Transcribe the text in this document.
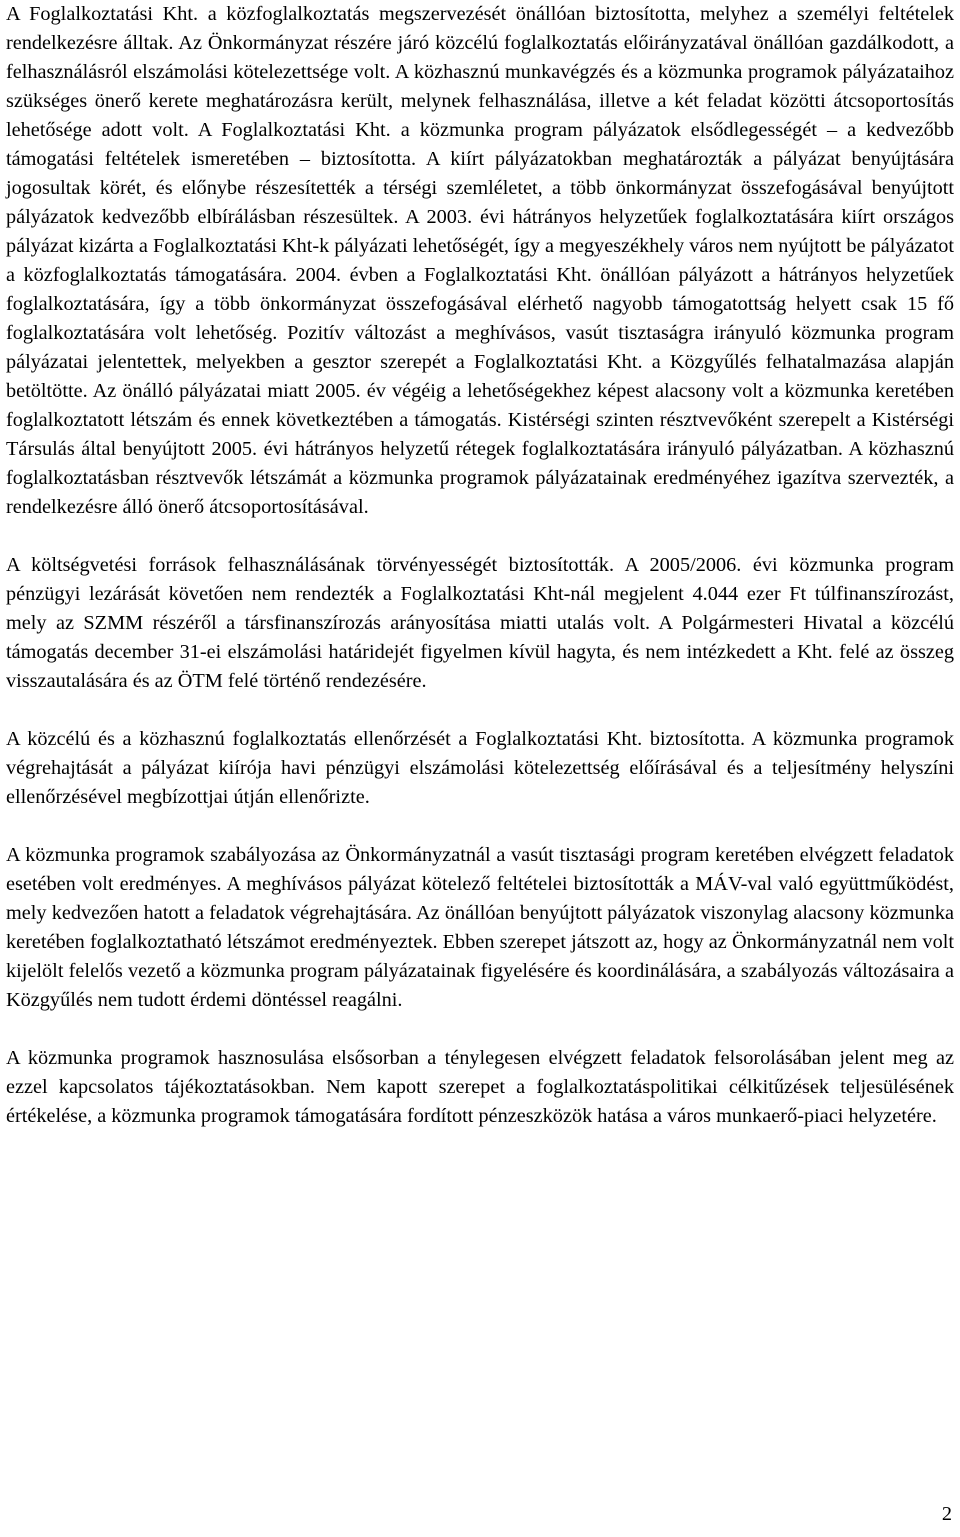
A Foglalkoztatási Kht. a közfoglalkoztatás megszervezését önállóan biztosította, melyhez a személyi feltételek rendelkezésre álltak. Az Önkormányzat részére járó közcélú foglalkoztatás előirányzatával önállóan gazdálkodott, a felhasználásról elszámolási kötelezettsége volt. A közhasznú munkavégzés és a közmunka programok pályázataihoz szükséges önerő kerete meghatározásra került, melynek felhasználása, illetve a két feladat közötti átcsoportosítás lehetősége adott volt. A Foglalkoztatási Kht. a közmunka program pályázatok elsődlegességét – a kedvezőbb támogatási feltételek ismeretében – biztosította. A kiírt pályázatokban meghatározták a pályázat benyújtására jogosultak körét, és előnybe részesítették a térségi szemléletet, a több önkormányzat összefogásával benyújtott pályázatok kedvezőbb elbírálásban részesültek. A 2003. évi hátrányos helyzetűek foglalkoztatására kiírt országos pályázat kizárta a Foglalkoztatási Kht-k pályázati lehetőségét, így a megyeszékhely város nem nyújtott be pályázatot a közfoglalkoztatás támogatására. 2004. évben a Foglalkoztatási Kht. önállóan pályázott a hátrányos helyzetűek foglalkoztatására, így a több önkormányzat összefogásával elérhető nagyobb támogatottság helyett csak 15 fő foglalkoztatására volt lehetőség. Pozitív változást a meghívásos, vasút tisztaságra irányuló közmunka program pályázatai jelentettek, melyekben a gesztor szerepét a Foglalkoztatási Kht. a Közgyűlés felhatalmazása alapján betöltötte. Az önálló pályázatai miatt 2005. év végéig a lehetőségekhez képest alacsony volt a közmunka keretében foglalkoztatott létszám és ennek következtében a támogatás. Kistérségi szinten résztvevőként szerepelt a Kistérségi Társulás által benyújtott 2005. évi hátrányos helyzetű rétegek foglalkoztatására irányuló pályázatban. A közhasznú foglalkoztatásban résztvevők létszámát a közmunka programok pályázatainak eredményéhez igazítva szervezték, a rendelkezésre álló önerő átcsoportosításával.

A költségvetési források felhasználásának törvényességét biztosították. A 2005/2006. évi közmunka program pénzügyi lezárását követően nem rendezték a Foglalkoztatási Kht-nál megjelent 4.044 ezer Ft túlfinanszírozást, mely az SZMM részéről a társfinanszírozás arányosítása miatti utalás volt. A Polgármesteri Hivatal a közcélú támogatás december 31-ei elszámolási határidejét figyelmen kívül hagyta, és nem intézkedett a Kht. felé az összeg visszautalására és az ÖTM felé történő rendezésére.

A közcélú és a közhasznú foglalkoztatás ellenőrzését a Foglalkoztatási Kht. biztosította. A közmunka programok végrehajtását a pályázat kiírója havi pénzügyi elszámolási kötelezettség előírásával és a teljesítmény helyszíni ellenőrzésével megbízottjai útján ellenőrizte.

A közmunka programok szabályozása az Önkormányzatnál a vasút tisztasági program keretében elvégzett feladatok esetében volt eredményes. A meghívásos pályázat kötelező feltételei biztosították a MÁV-val való együttműködést, mely kedvezően hatott a feladatok végrehajtására. Az önállóan benyújtott pályázatok viszonylag alacsony közmunka keretében foglalkoztatható létszámot eredményeztek. Ebben szerepet játszott az, hogy az Önkormányzatnál nem volt kijelölt felelős vezető a közmunka program pályázatainak figyelésére és koordinálására, a szabályozás változásaira a Közgyűlés nem tudott érdemi döntéssel reagálni.

A közmunka programok hasznosulása elsősorban a ténylegesen elvégzett feladatok felsorolásában jelent meg az ezzel kapcsolatos tájékoztatásokban. Nem kapott szerepet a foglalkoztatáspolitikai célkitűzések teljesülésének értékelése, a közmunka programok támogatására fordított pénzeszközök hatása a város munkaerő-piaci helyzetére.

2
